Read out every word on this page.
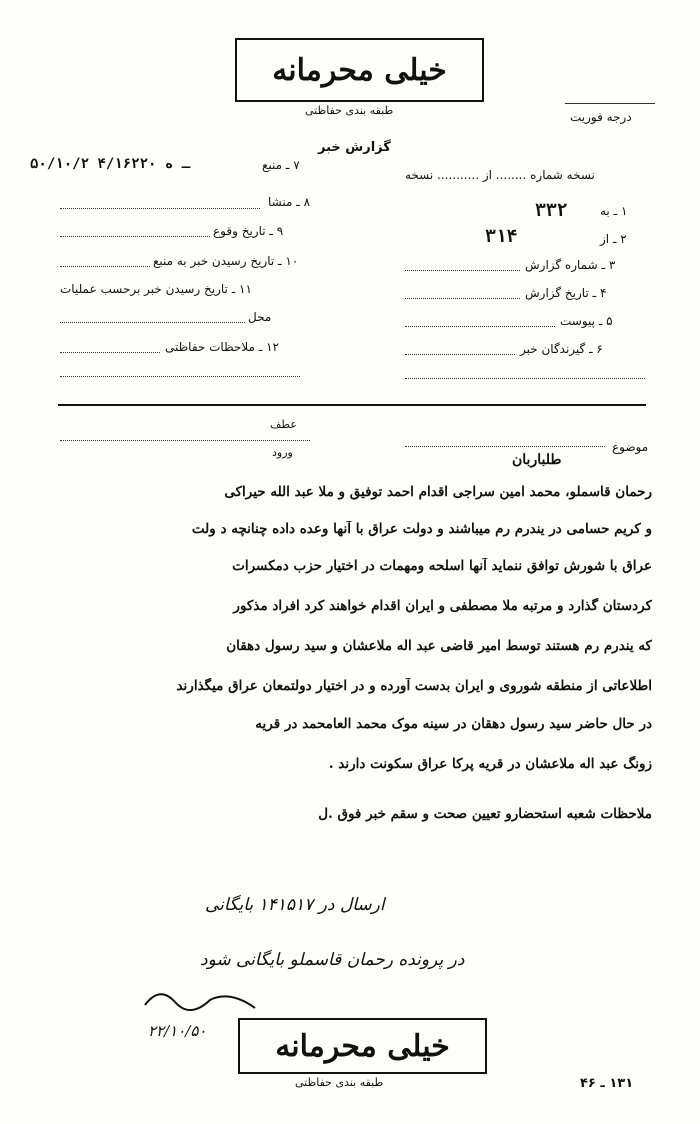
خیلی محرمانه
طبقه بندی حفاظتی	درجه فوریت
گزارش خبر
۵۰/۱۰/۲ ـ ه ۴/۱۶۲۲۰	۷ ـ منبع
۸ ـ منشا
۹ ـ تاریخ وقوع
۱۰ ـ تاریخ رسیدن خبر به منبع
۱۱ ـ تاریخ رسیدن خبر برحسب عملیات
محل
۱۲ ـ ملاحظات حفاظتی
نسخه شماره ........ از ........... نسخه
۳۳۲	۱ ـ به
۳۱۴	۲ ـ از
۳ ـ شماره گزارش
۴ ـ تاریخ گزارش
۵ ـ پیوست
۶ ـ گیرندگان خبر
عطف
ورود	موضوع
طلباربان
رحمان قاسملو، محمد امین سراجی اقدام احمد توفیق و ملا عبد الله حیراکی
و کریم حسامی در یندرم رم میباشند و دولت عراق با آنها وعده داده چنانچه د ولت
عراق با شورش توافق ننماید آنها اسلحه ومهمات در اختیار حزب دمکسرات
کردستان گذارد و مرتبه ملا مصطفی و ایران اقدام خواهند کرد افراد مذکور
که یندرم رم هستند توسط امیر قاضی عبد اله ملاعشان و سید رسول دهقان
اطلاعاتی از منطقه شوروی و ایران بدست آورده و در اختیار دولتمعان عراق میگذارند
در حال حاضر سید رسول دهقان در سینه موک محمد العامحمد در قریه
زونگ عبد اله ملاعشان در قریه پرکا عراق سکونت دارند .
ملاحظات شعبه استحضارو تعیین صحت و سقم خبر فوق .ل
ارسال در ۱۴۱۵۱۷ بایگانی
در پرونده رحمان قاسملو بایگانی شود
خیلی محرمانه
۲۲/۱۰/۵۰
طبقه بندی حفاظتی	۱۳۱ ـ ۴۶
